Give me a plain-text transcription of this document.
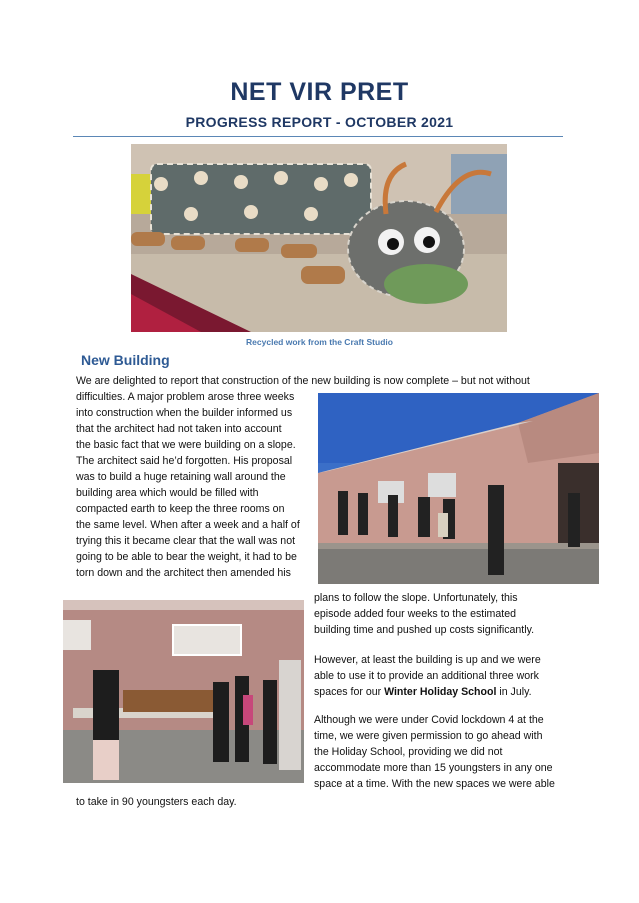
NET VIR PRET
PROGRESS REPORT - OCTOBER 2021
Recycled work from the Craft Studio
New Building
We are delighted to report that construction of the new building is now complete – but not without
difficulties. A major problem arose three weeks
into construction when the builder informed us
that the architect had not taken into account
the basic fact that we were building on a slope.
The architect said he’d forgotten. His proposal
was to build a huge retaining wall around the
building area which would be filled with
compacted earth to keep the three rooms on
the same level. When after a week and a half of
trying this it became clear that the wall was not
going to be able to bear the weight, it had to be
torn down and the architect then amended his
plans to follow the slope. Unfortunately, this
episode added four weeks to the estimated
building time and pushed up costs significantly.
However, at least the building is up and we were
able to use it to provide an additional three work
spaces for our Winter Holiday School in July.
Although we were under Covid lockdown 4 at the
time, we were given permission to go ahead with
the Holiday School, providing we did not
accommodate more than 15 youngsters in any one
space at a time. With the new spaces we were able
to take in 90 youngsters each day.
